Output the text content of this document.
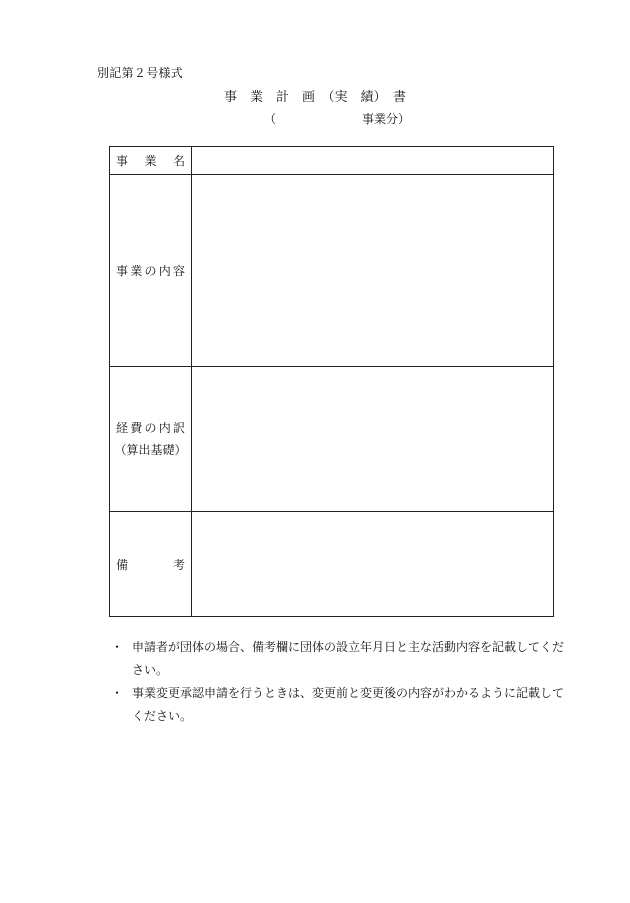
別記第２号様式
事　業　計　画　（実　績）　書
（	事業分）
事業名	

事業の内容	

経費の内訳
（算出基礎）	

備考	

・ 申請者が団体の場合、備考欄に団体の設立年月日と主な活動内容を記載してください。
・ 事業変更承認申請を行うときは、変更前と変更後の内容がわかるように記載してください。
